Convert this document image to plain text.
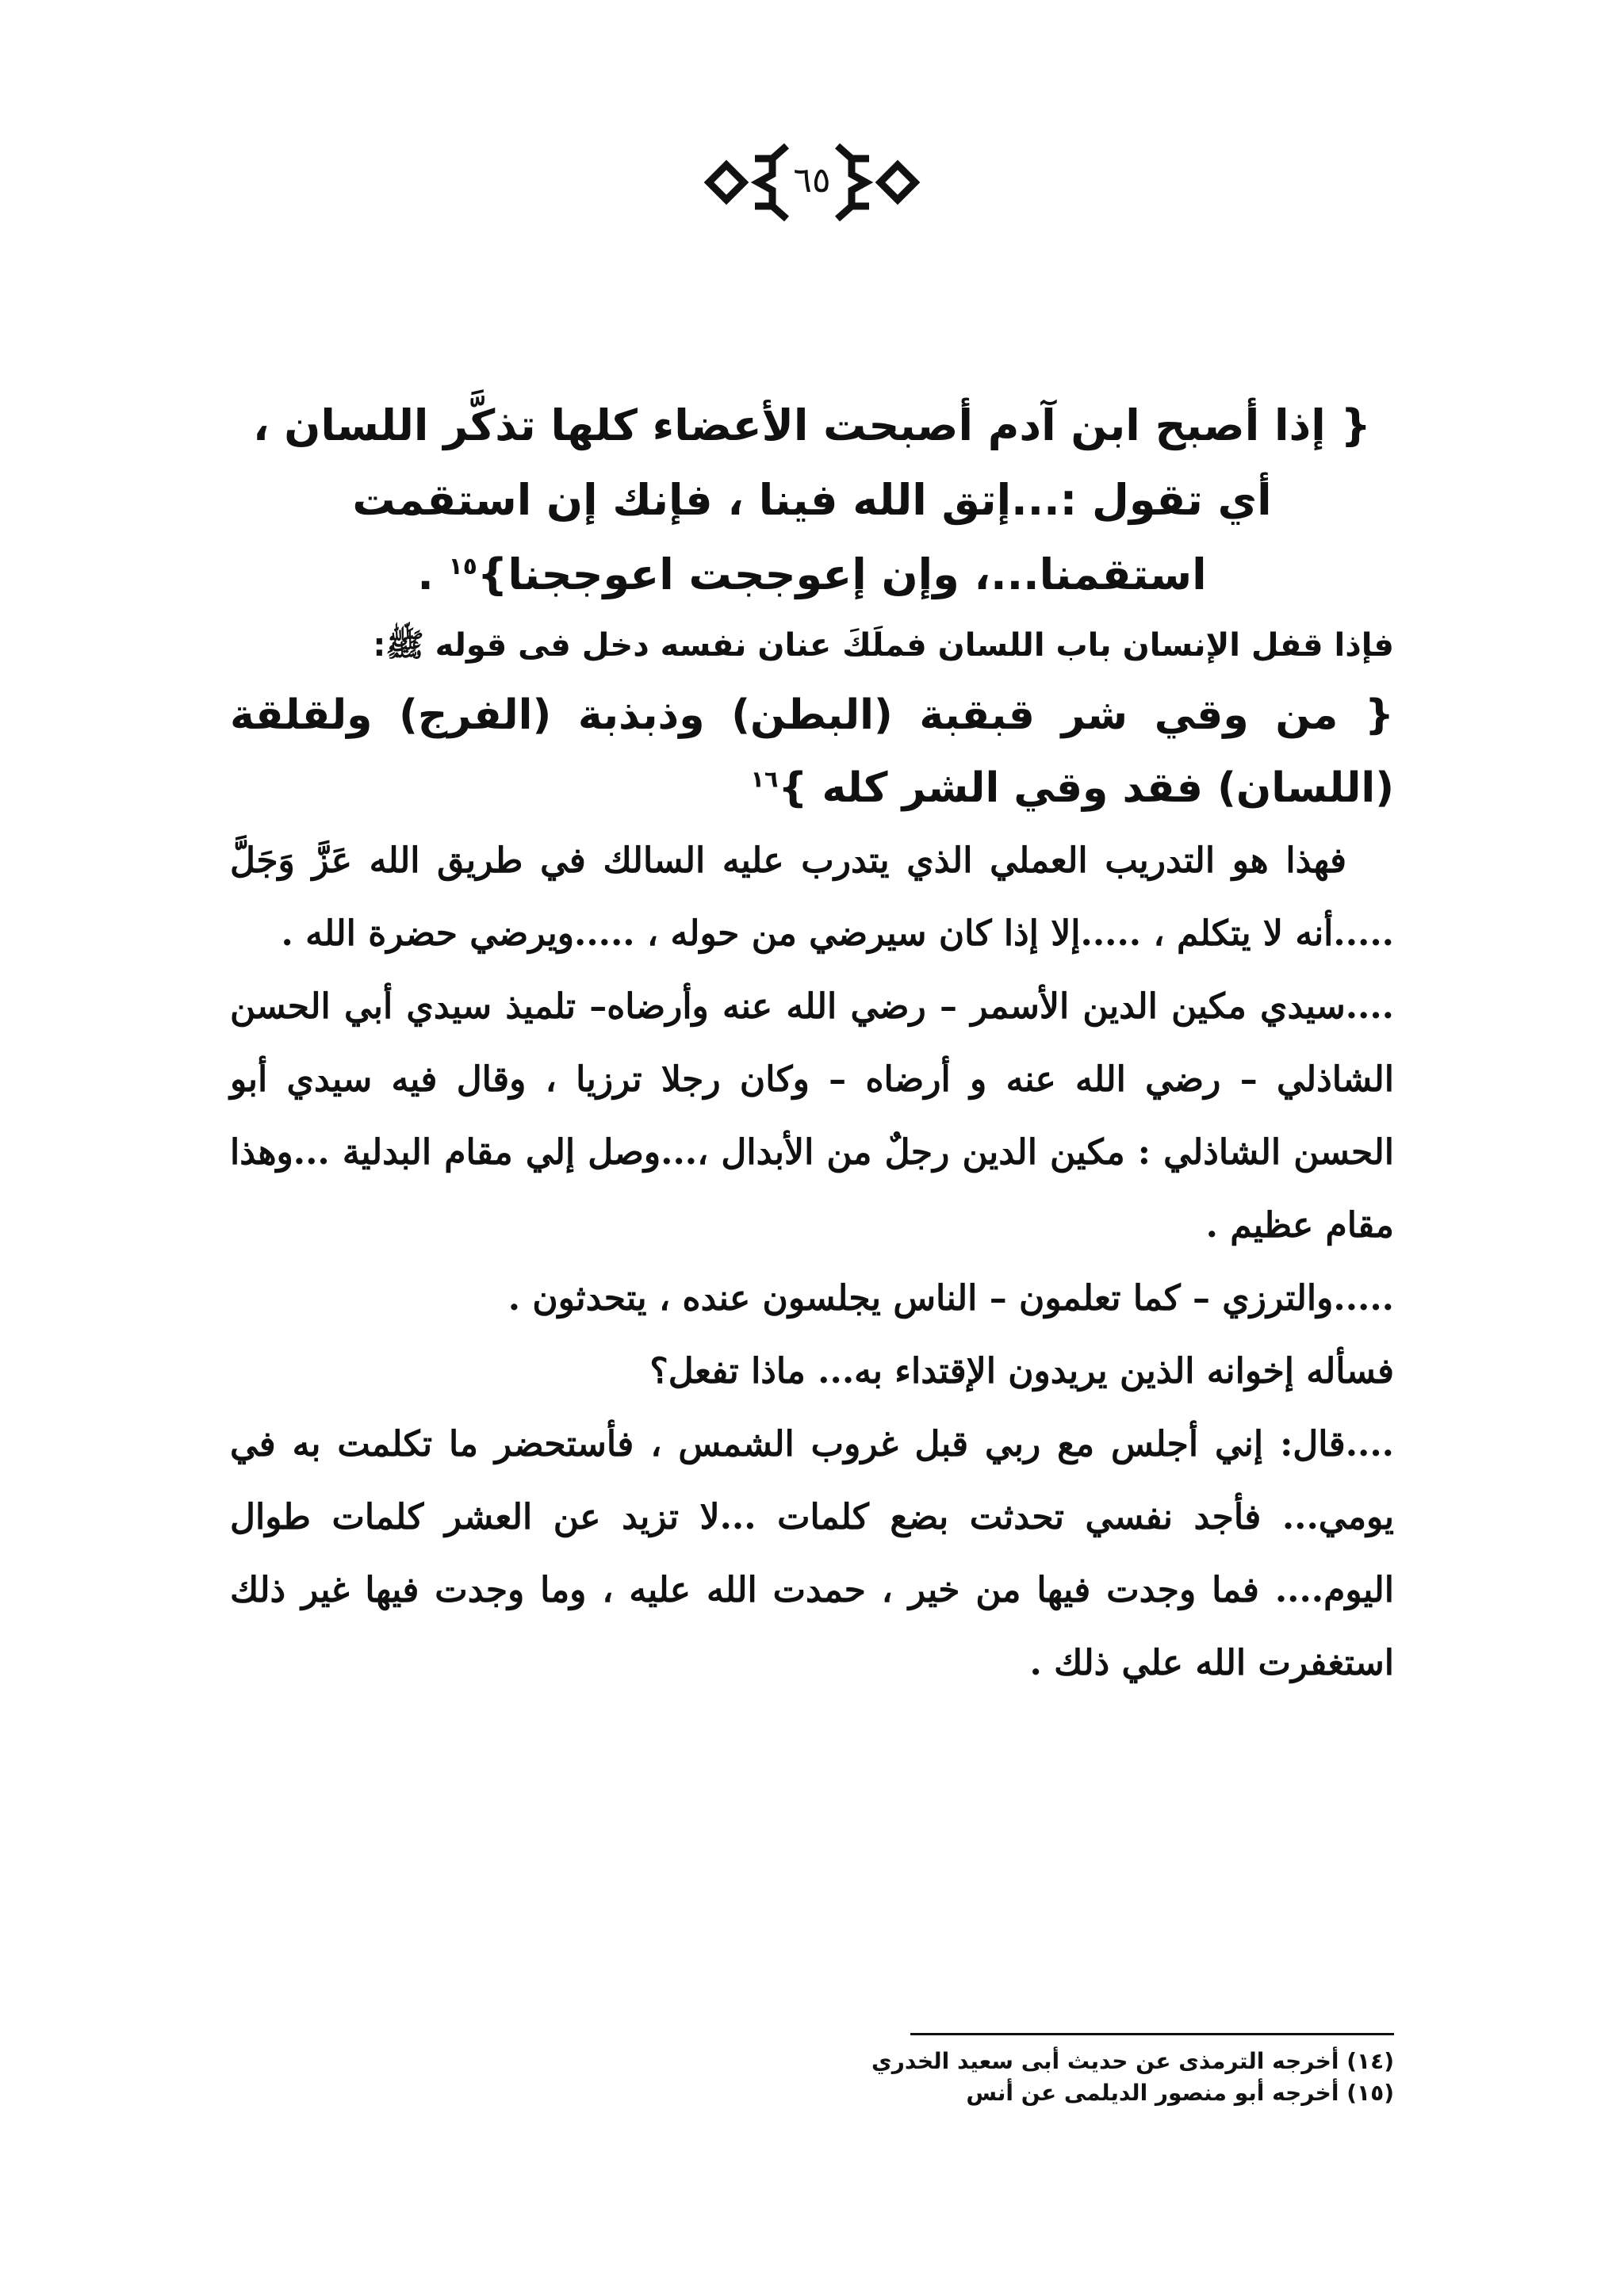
٦٥

{ إذا أصبح ابن آدم أصبحت الأعضاء كلها تذكَّر اللسان ، أي تقول :...إتق الله فينا ، فإنك إن استقمت استقمنا...، وإن إعوججت اعوججنا}$^{١٥}$ .

فإذا قفل الإنسان باب اللسان فملَكَ عنان نفسه دخل فى قوله ﷺ:

{ من وقي شر قبقبة (البطن) وذبذبة (الفرج) ولقلقة (اللسان) فقد وقي الشر كله }$^{١٦}$

فهذا هو التدريب العملي الذي يتدرب عليه السالك في طريق الله عَزَّ وَجَلَّ .....أنه لا يتكلم ، .....إلا إذا كان سيرضي من حوله ، .....ويرضي حضرة الله .

....سيدي مكين الدين الأسمر – رضي الله عنه وأرضاه– تلميذ سيدي أبي الحسن الشاذلي – رضي الله عنه و أرضاه – وكان رجلا ترزيا ، وقال فيه سيدي أبو الحسن الشاذلي : مكين الدين رجلٌ من الأبدال ،...وصل إلي مقام البدلية ...وهذا مقام عظيم .

.....والترزي – كما تعلمون – الناس يجلسون عنده ، يتحدثون .

فسأله إخوانه الذين يريدون الإقتداء به... ماذا تفعل؟

....قال: إني أجلس مع ربي قبل غروب الشمس ، فأستحضر ما تكلمت به في يومي... فأجد نفسي تحدثت بضع كلمات ...لا تزيد عن العشر كلمات طوال اليوم.... فما وجدت فيها من خير ، حمدت الله عليه ، وما وجدت فيها غير ذلك استغفرت الله علي ذلك .

(١٤) أخرجه الترمذى عن حديث أبى سعيد الخدري
(١٥) أخرجه أبو منصور الديلمى عن أنس
